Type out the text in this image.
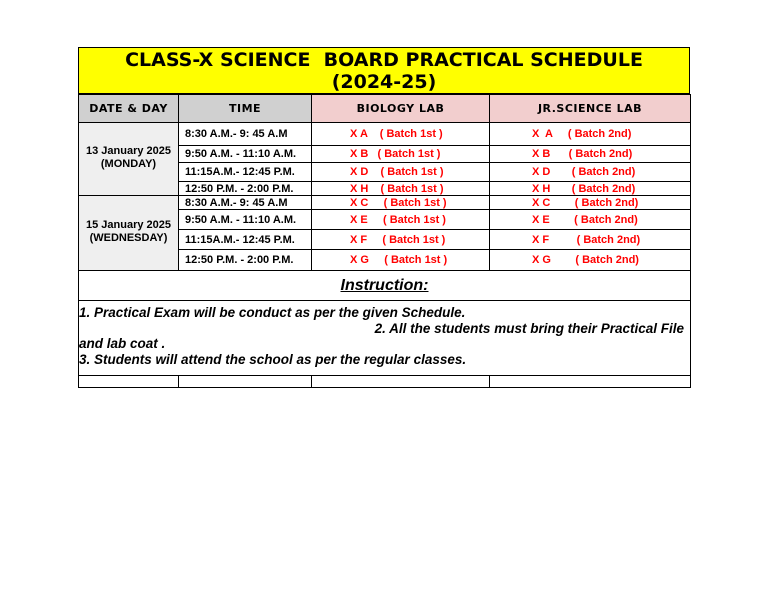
CLASS-X SCIENCE  BOARD PRACTICAL SCHEDULE
(2024-25)
DATE & DAY	TIME	BIOLOGY LAB	JR.SCIENCE LAB

13 January 2025
(MONDAY)	8:30 A.M.- 9: 45 A.M	X A    ( Batch 1st )	X  A     ( Batch 2nd)
	9:50 A.M. - 11:10 A.M.	X B   ( Batch 1st )	X B      ( Batch 2nd)
	11:15A.M.- 12:45 P.M.	X D    ( Batch 1st )	X D       ( Batch 2nd)
	12:50 P.M. - 2:00 P.M.	X H    ( Batch 1st )	X H       ( Batch 2nd)

15 January 2025
(WEDNESDAY)	8:30 A.M.- 9: 45 A.M	X C     ( Batch 1st )	X C        ( Batch 2nd)
	9:50 A.M. - 11:10 A.M.	X E     ( Batch 1st )	X E        ( Batch 2nd)
	11:15A.M.- 12:45 P.M.	X F     ( Batch 1st )	X F         ( Batch 2nd)
	12:50 P.M. - 2:00 P.M.	X G     ( Batch 1st )	X G        ( Batch 2nd)
Instruction:			

1. Practical Exam will be conduct as per the given Schedule.
2. All the students must bring their Practical File
and lab coat .
3. Students will attend the school as per the regular classes.			
